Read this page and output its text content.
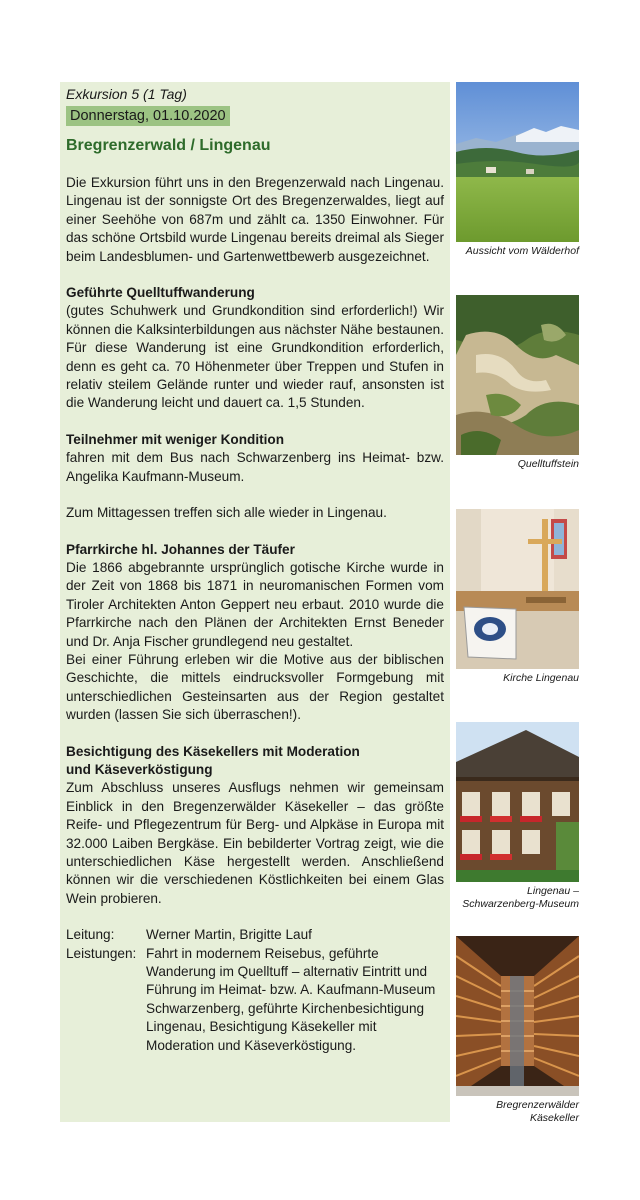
Exkursion 5 (1 Tag)

Donnerstag, 01.10.2020
Bregrenzerwald / Lingenau

Die Exkursion führt uns in den Bregenzerwald nach Lingenau. Lingenau ist der sonnigste Ort des Bregenzerwaldes, liegt auf einer Seehöhe von 687m und zählt ca. 1350 Einwohner. Für das schöne Ortsbild wurde Lingenau bereits dreimal als Sieger beim Landesblumen- und Gartenwettbewerb ausgezeichnet.

Geführte Quelltuffwanderung

(gutes Schuhwerk und Grundkondition sind erforderlich!) Wir können die Kalksinterbildungen aus nächster Nähe bestaunen. Für diese Wanderung ist eine Grundkondition erforderlich, denn es geht ca. 70 Höhenmeter über Treppen und Stufen in relativ steilem Gelände runter und wieder rauf, ansonsten ist die Wanderung leicht und dauert ca. 1,5 Stunden.

Teilnehmer mit weniger Kondition

fahren mit dem Bus nach Schwarzenberg ins Heimat- bzw. Angelika Kaufmann-Museum.

Zum Mittagessen treffen sich alle wieder in Lingenau.

Pfarrkirche hl. Johannes der Täufer

Die 1866 abgebrannte ursprünglich gotische Kirche wurde in der Zeit von 1868 bis 1871 in neuromanischen Formen vom Tiroler Architekten Anton Geppert neu erbaut. 2010 wurde die Pfarrkirche nach den Plänen der Architekten Ernst Beneder und Dr. Anja Fischer grundlegend neu gestaltet.

Bei einer Führung erleben wir die Motive aus der biblischen Geschichte, die mittels eindrucksvoller Formgebung mit unterschiedlichen Gesteinsarten aus der Region gestaltet wurden (lassen Sie sich überraschen!).

Besichtigung des Käsekellers mit Moderation

und Käseverköstigung

Zum Abschluss unseres Ausflugs nehmen wir gemeinsam Einblick in den Bregenzerwälder Käsekeller – das größte Reife- und Pflegezentrum für Berg- und Alpkäse in Europa mit 32.000 Laiben Bergkäse. Ein bebilderter Vortrag zeigt, wie die unterschiedlichen Käse hergestellt werden. Anschließend können wir die verschiedenen Köstlichkeiten bei einem Glas Wein probieren.

Leitung:	Werner Martin, Brigitte Lauf
Leistungen: Fahrt in modernem Reisebus, geführte Wanderung im Quelltuff – alternativ Eintritt und Führung im Heimat- bzw. A. Kaufmann-Museum Schwarzenberg, geführte Kirchenbesichtigung Lingenau, Besichtigung Käsekeller mit Moderation und Käseverköstigung.
Aussicht vom Wälderhof
Quelltuffstein
Kirche Lingenau
Lingenau –
Schwarzenberg-Museum
Bregrenzerwälder
Käsekeller
